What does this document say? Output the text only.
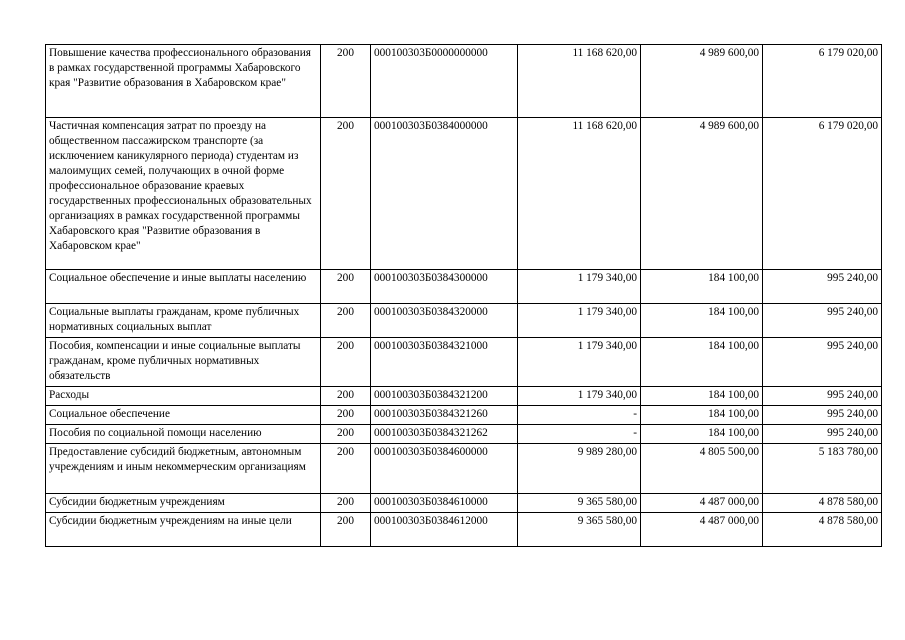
Повышение качества профессионального образования в рамках государственной программы Хабаровского края "Развитие образования в Хабаровском крае"	200	000100303Б0000000000	11 168 620,00	4 989 600,00	6 179 020,00
Частичная компенсация затрат по проезду на общественном пассажирском транспорте (за исключением каникулярного периода) студентам из малоимущих семей, получающих в очной форме профессиональное образование краевых государственных профессиональных образовательных организациях в рамках государственной программы Хабаровского края "Развитие образования в Хабаровском крае"	200	000100303Б0384000000	11 168 620,00	4 989 600,00	6 179 020,00
Социальное обеспечение и иные выплаты населению	200	000100303Б0384300000	1 179 340,00	184 100,00	995 240,00
Социальные выплаты гражданам, кроме публичных нормативных социальных выплат	200	000100303Б0384320000	1 179 340,00	184 100,00	995 240,00
Пособия, компенсации и иные социальные выплаты гражданам, кроме публичных нормативных обязательств	200	000100303Б0384321000	1 179 340,00	184 100,00	995 240,00
Расходы	200	000100303Б0384321200	1 179 340,00	184 100,00	995 240,00
Социальное обеспечение	200	000100303Б0384321260	-	184 100,00	995 240,00
Пособия по социальной помощи населению	200	000100303Б0384321262	-	184 100,00	995 240,00
Предоставление субсидий бюджетным, автономным учреждениям и иным некоммерческим организациям	200	000100303Б0384600000	9 989 280,00	4 805 500,00	5 183 780,00
Субсидии бюджетным учреждениям	200	000100303Б0384610000	9 365 580,00	4 487 000,00	4 878 580,00
Субсидии бюджетным учреждениям на иные цели	200	000100303Б0384612000	9 365 580,00	4 487 000,00	4 878 580,00
